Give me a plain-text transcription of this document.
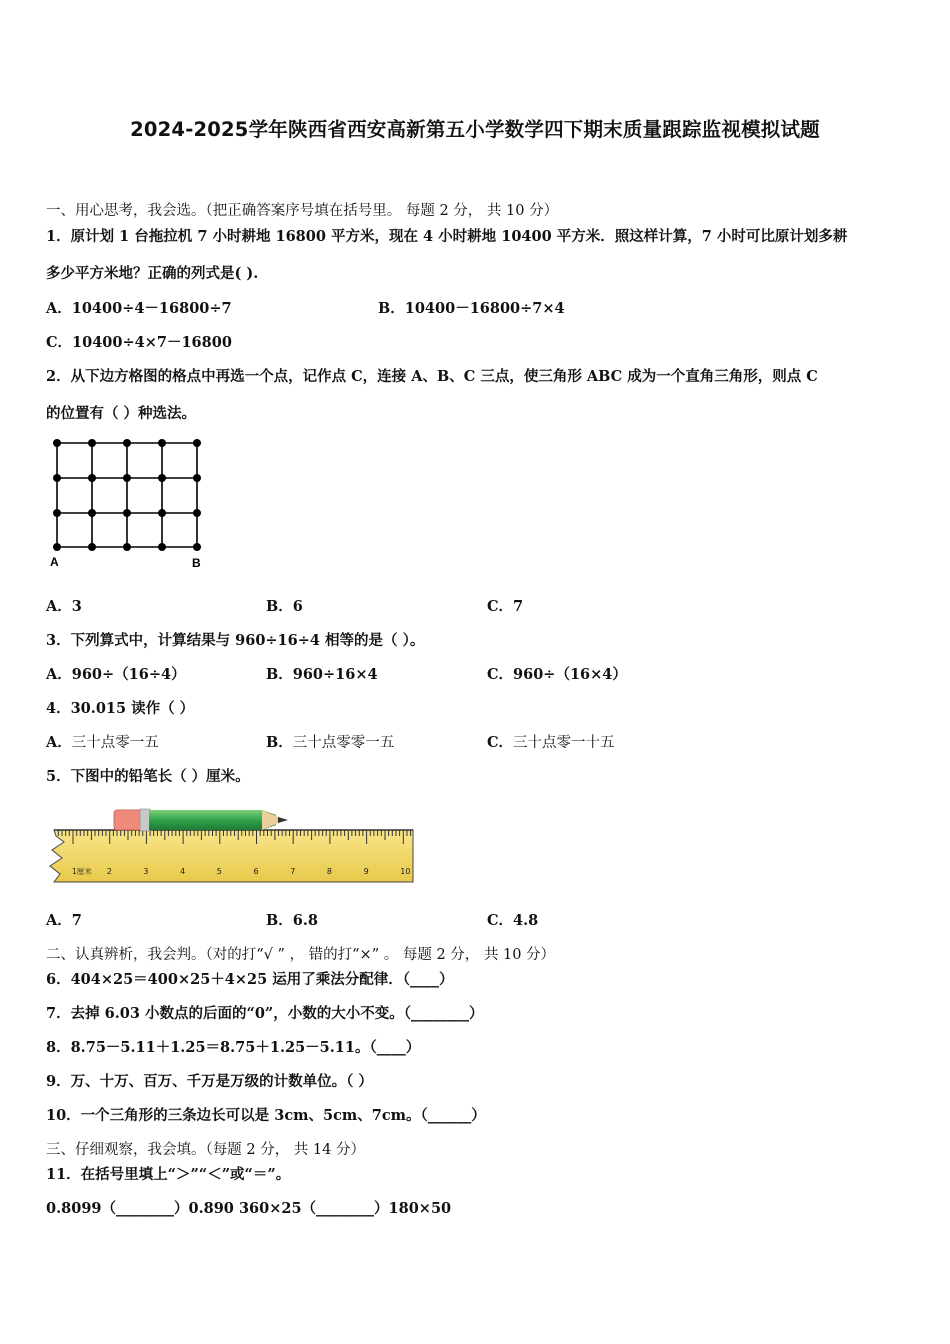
2024-2025学年陕西省西安高新第五小学数学四下期末质量跟踪监视模拟试题
一、用心思考，我会选。（把正确答案序号填在括号里。 每题 2 分， 共 10 分）
1．原计划 1 台拖拉机 7 小时耕地 16800 平方米，现在 4 小时耕地 10400 平方米．照这样计算，7 小时可比原计划多耕
多少平方米地？正确的列式是( ).
A．10400÷4－16800÷7	B．10400－16800÷7×4
C．10400÷4×7－16800
2．从下边方格图的格点中再选一个点，记作点 C，连接 A、B、C 三点，使三角形 ABC 成为一个直角三角形，则点 C
的位置有（ ）种选法。
A	B
A．3	B．6	C．7
3．下列算式中，计算结果与 960÷16÷4 相等的是（ ）。
A．960÷（16÷4）	B．960÷16×4	C．960÷（16×4）
4．30.015 读作（ ）
A．三十点零一五	B．三十点零零一五	C．三十点零一十五
5．下图中的铅笔长（ ）厘米。
2	3	4	5	6	7	8	9	10
1厘米
A．7	B．6.8	C．4.8
二、认真辨析，我会判。（对的打“√ ” ， 错的打“×” 。 每题 2 分， 共 10 分）
6．404×25＝400×25＋4×25 运用了乘法分配律．（____）
7．去掉 6.03 小数点的后面的“0”，小数的大小不变。（________）
8．8.75－5.11＋1.25＝8.75＋1.25－5.11。（____）
9．万、十万、百万、千万是万级的计数单位。（ ）
10．一个三角形的三条边长可以是 3cm、5cm、7cm。（______）
三、仔细观察，我会填。（每题 2 分， 共 14 分）
11．在括号里填上“＞”“＜”或“＝”。
0.8099（________）0.890 360×25（________）180×50
